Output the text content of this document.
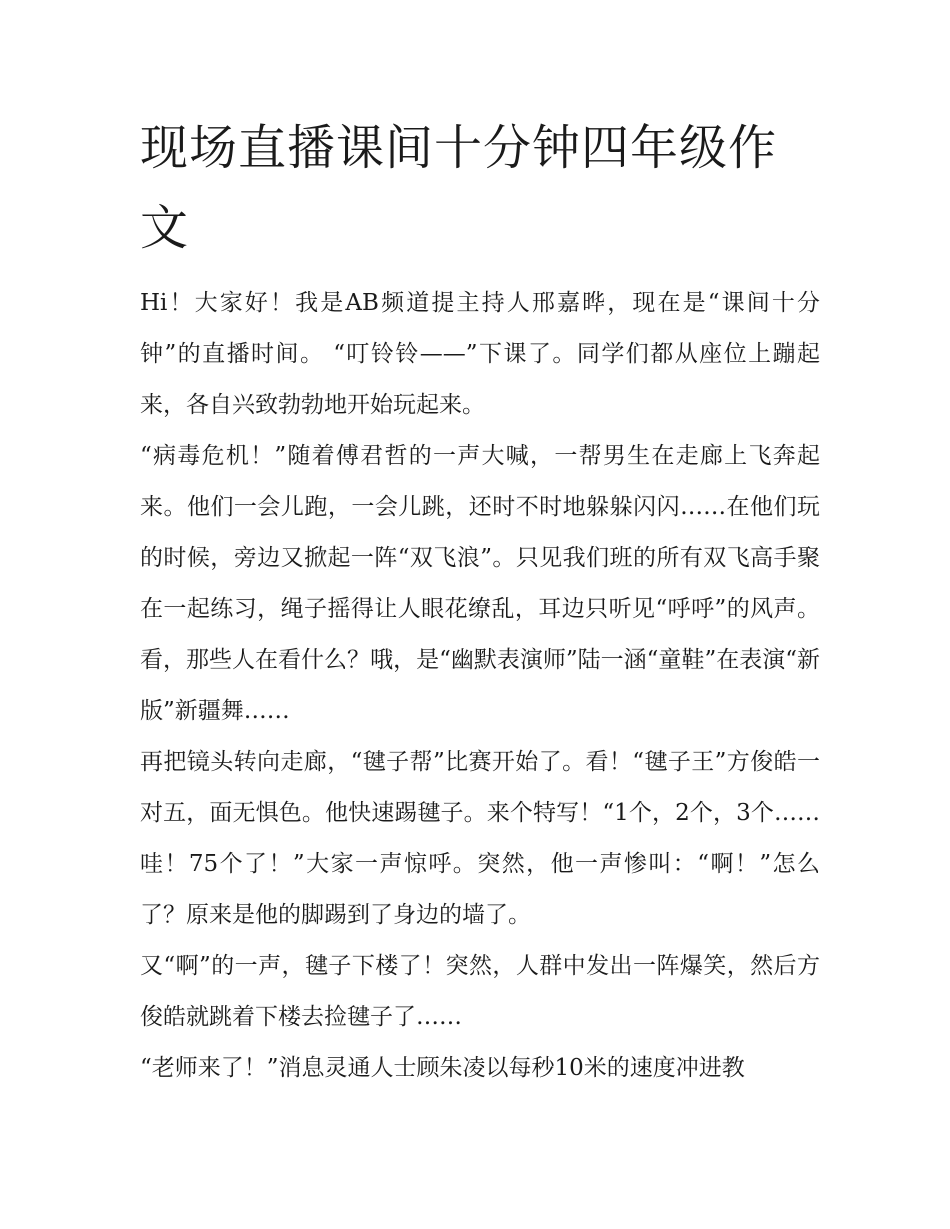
现场直播课间十分钟四年级作文

Hi！大家好！我是AB频道提主持人邢嘉晔，现在是“课间十分钟”的直播时间。 “叮铃铃——”下课了。同学们都从座位上蹦起来，各自兴致勃勃地开始玩起来。

“病毒危机！”随着傅君哲的一声大喊，一帮男生在走廊上飞奔起来。他们一会儿跑，一会儿跳，还时不时地躲躲闪闪……在他们玩的时候，旁边又掀起一阵“双飞浪”。只见我们班的所有双飞高手聚在一起练习，绳子摇得让人眼花缭乱，耳边只听见“呼呼”的风声。看，那些人在看什么？哦，是“幽默表演师”陆一涵“童鞋”在表演“新版”新疆舞……

再把镜头转向走廊，“毽子帮”比赛开始了。看！“毽子王”方俊皓一对五，面无惧色。他快速踢毽子。来个特写！“1个，2个，3个……哇！75个了！”大家一声惊呼。突然，他一声惨叫：“啊！”怎么了？原来是他的脚踢到了身边的墙了。

又“啊”的一声，毽子下楼了！突然，人群中发出一阵爆笑，然后方俊皓就跳着下楼去捡毽子了……

“老师来了！”消息灵通人士顾朱凌以每秒10米的速度冲进教
